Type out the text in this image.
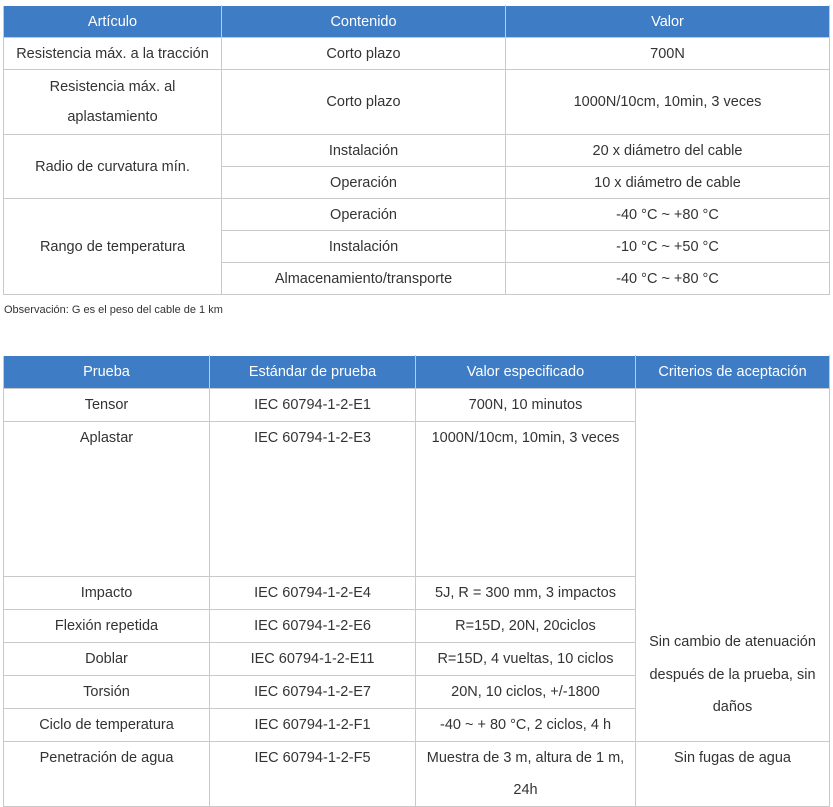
Artículo	Contenido	Valor
Resistencia máx. a la tracción	Corto plazo	700N
Resistencia máx. al aplastamiento	Corto plazo	1000N/10cm, 10min, 3 veces
Radio de curvatura mín.	Instalación	20 x diámetro del cable
	Operación	10 x diámetro de cable
Rango de temperatura	Operación	-40 °C ~ +80 °C
	Instalación	-10 °C ~ +50 °C
	Almacenamiento/transporte	-40 °C ~ +80 °C

Observación: G es el peso del cable de 1 km

Prueba	Estándar de prueba	Valor especificado	Criterios de aceptación
Tensor	IEC 60794-1-2-E1	700N, 10 minutos	Sin cambio de atenuación después de la prueba, sin daños
Aplastar	IEC 60794-1-2-E3	1000N/10cm, 10min, 3 veces	
Impacto	IEC 60794-1-2-E4	5J, R = 300 mm, 3 impactos	
Flexión repetida	IEC 60794-1-2-E6	R=15D, 20N, 20ciclos	
Doblar	IEC 60794-1-2-E11	R=15D, 4 vueltas, 10 ciclos	
Torsión	IEC 60794-1-2-E7	20N, 10 ciclos, +/-1800	
Ciclo de temperatura	IEC 60794-1-2-F1	-40 ~ + 80 °C, 2 ciclos, 4 h	
Penetración de agua	IEC 60794-1-2-F5	Muestra de 3 m, altura de 1 m, 24h	Sin fugas de agua
